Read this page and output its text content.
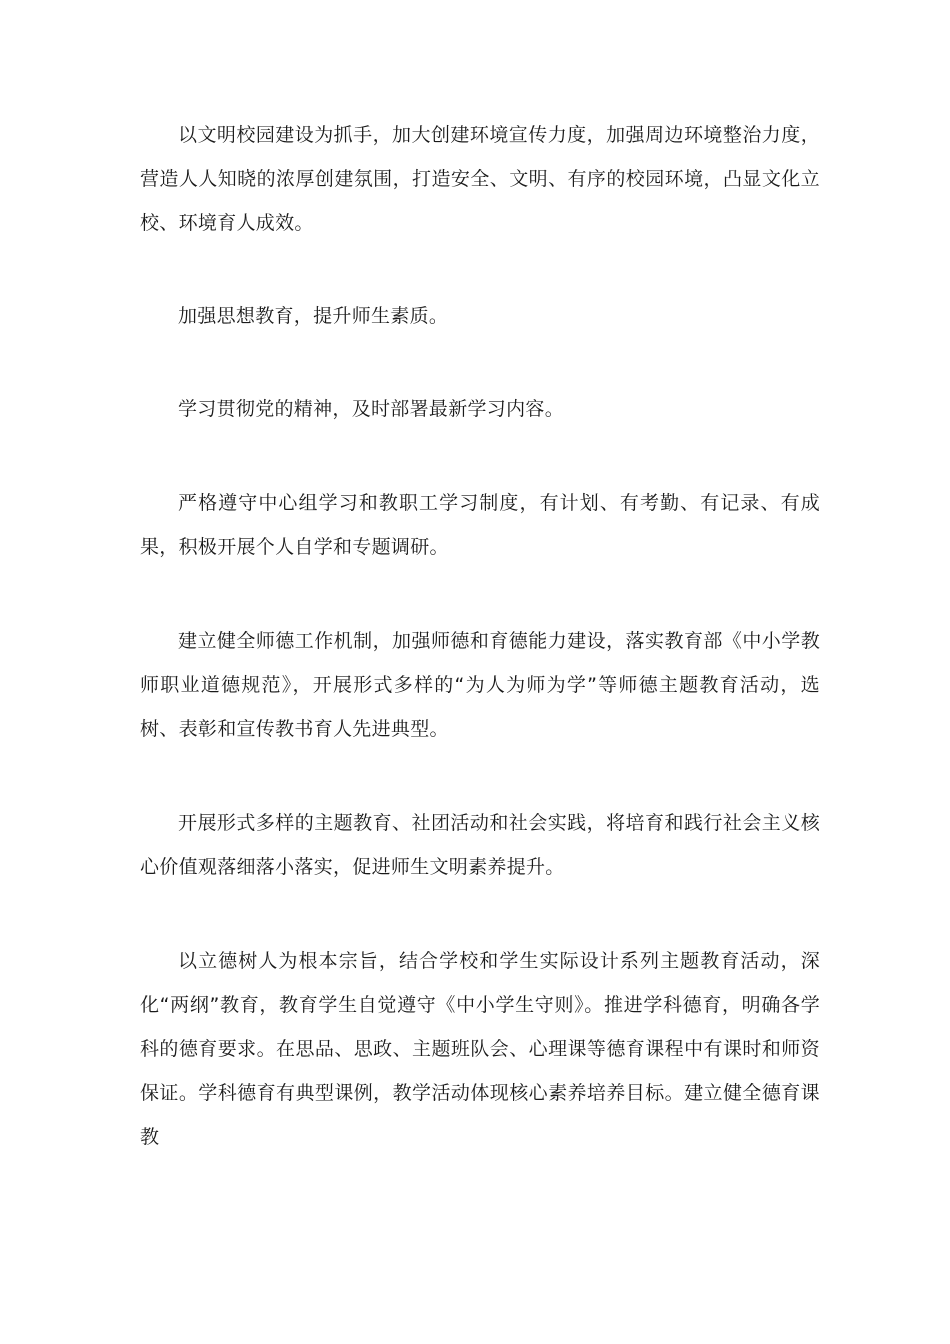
以文明校园建设为抓手，加大创建环境宣传力度，加强周边环境整治力度，营造人人知晓的浓厚创建氛围，打造安全、文明、有序的校园环境，凸显文化立校、环境育人成效。

加强思想教育，提升师生素质。

学习贯彻党的精神，及时部署最新学习内容。

严格遵守中心组学习和教职工学习制度，有计划、有考勤、有记录、有成果，积极开展个人自学和专题调研。

建立健全师德工作机制，加强师德和育德能力建设，落实教育部《中小学教师职业道德规范》，开展形式多样的“为人为师为学”等师德主题教育活动，选树、表彰和宣传教书育人先进典型。

开展形式多样的主题教育、社团活动和社会实践，将培育和践行社会主义核心价值观落细落小落实，促进师生文明素养提升。

以立德树人为根本宗旨，结合学校和学生实际设计系列主题教育活动，深化“两纲”教育，教育学生自觉遵守《中小学生守则》。推进学科德育，明确各学科的德育要求。在思品、思政、主题班队会、心理课等德育课程中有课时和师资保证。学科德育有典型课例，教学活动体现核心素养培养目标。建立健全德育课教
